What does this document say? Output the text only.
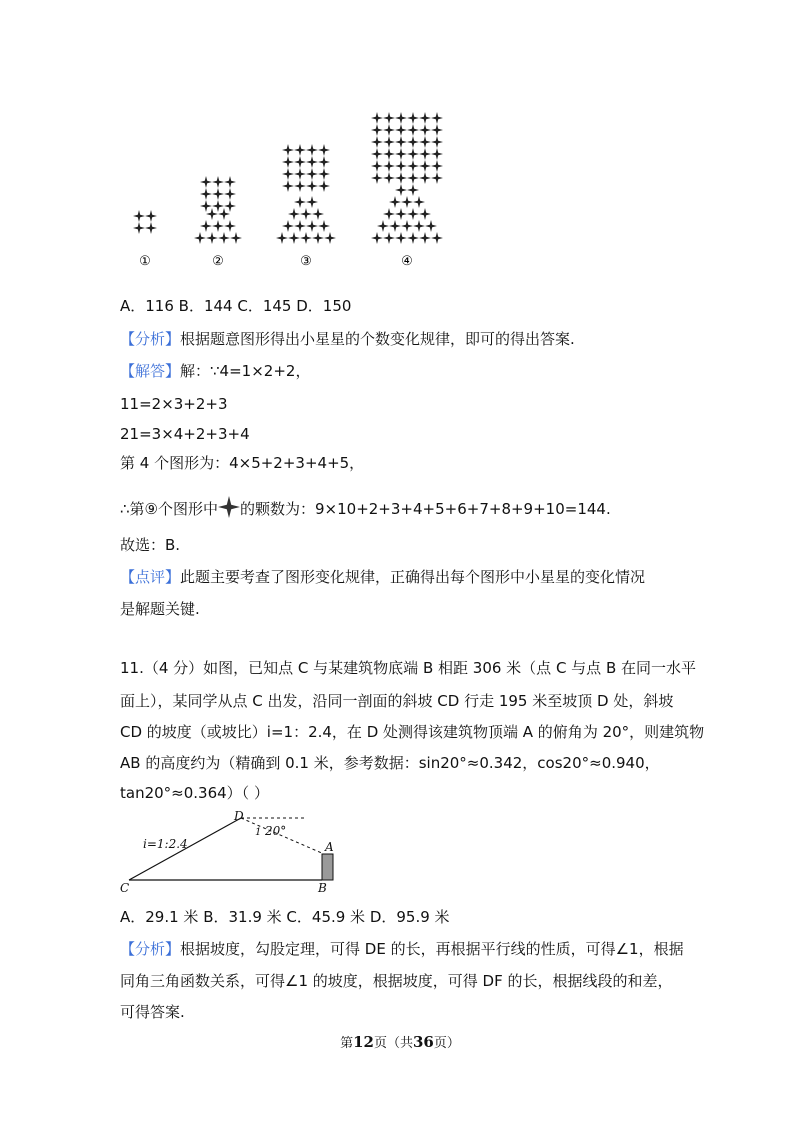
①	②	③	④
A．116 B．144 C．145 D．150
【分析】根据题意图形得出小星星的个数变化规律，即可的得出答案.
【解答】解：∵4=1×2+2，
11=2×3+2+3
21=3×4+2+3+4
第 4 个图形为：4×5+2+3+4+5，
∴第⑨个图形中 的颗数为：9×10+2+3+4+5+6+7+8+9+10=144.
故选：B.
【点评】此题主要考查了图形变化规律，正确得出每个图形中小星星的变化情况
是解题关键.
11.（4 分）如图，已知点 C 与某建筑物底端 B 相距 306 米（点 C 与点 B 在同一水平
面上），某同学从点 C 出发，沿同一剖面的斜坡 CD 行走 195 米至坡顶 D 处，斜坡
CD 的坡度（或坡比）i=1：2.4，在 D 处测得该建筑物顶端 A 的俯角为 20°，则建筑物
AB 的高度约为（精确到 0.1 米，参考数据：sin20°≈0.342，cos20°≈0.940，
tan20°≈0.364）（ ）
i=1:2.4
D
1 20°
A
C	B
A．29.1 米 B．31.9 米 C．45.9 米 D．95.9 米
【分析】根据坡度，勾股定理，可得 DE 的长，再根据平行线的性质，可得∠1，根据
同角三角函数关系，可得∠1 的坡度，根据坡度，可得 DF 的长，根据线段的和差，
可得答案.
第12页（共36页）
